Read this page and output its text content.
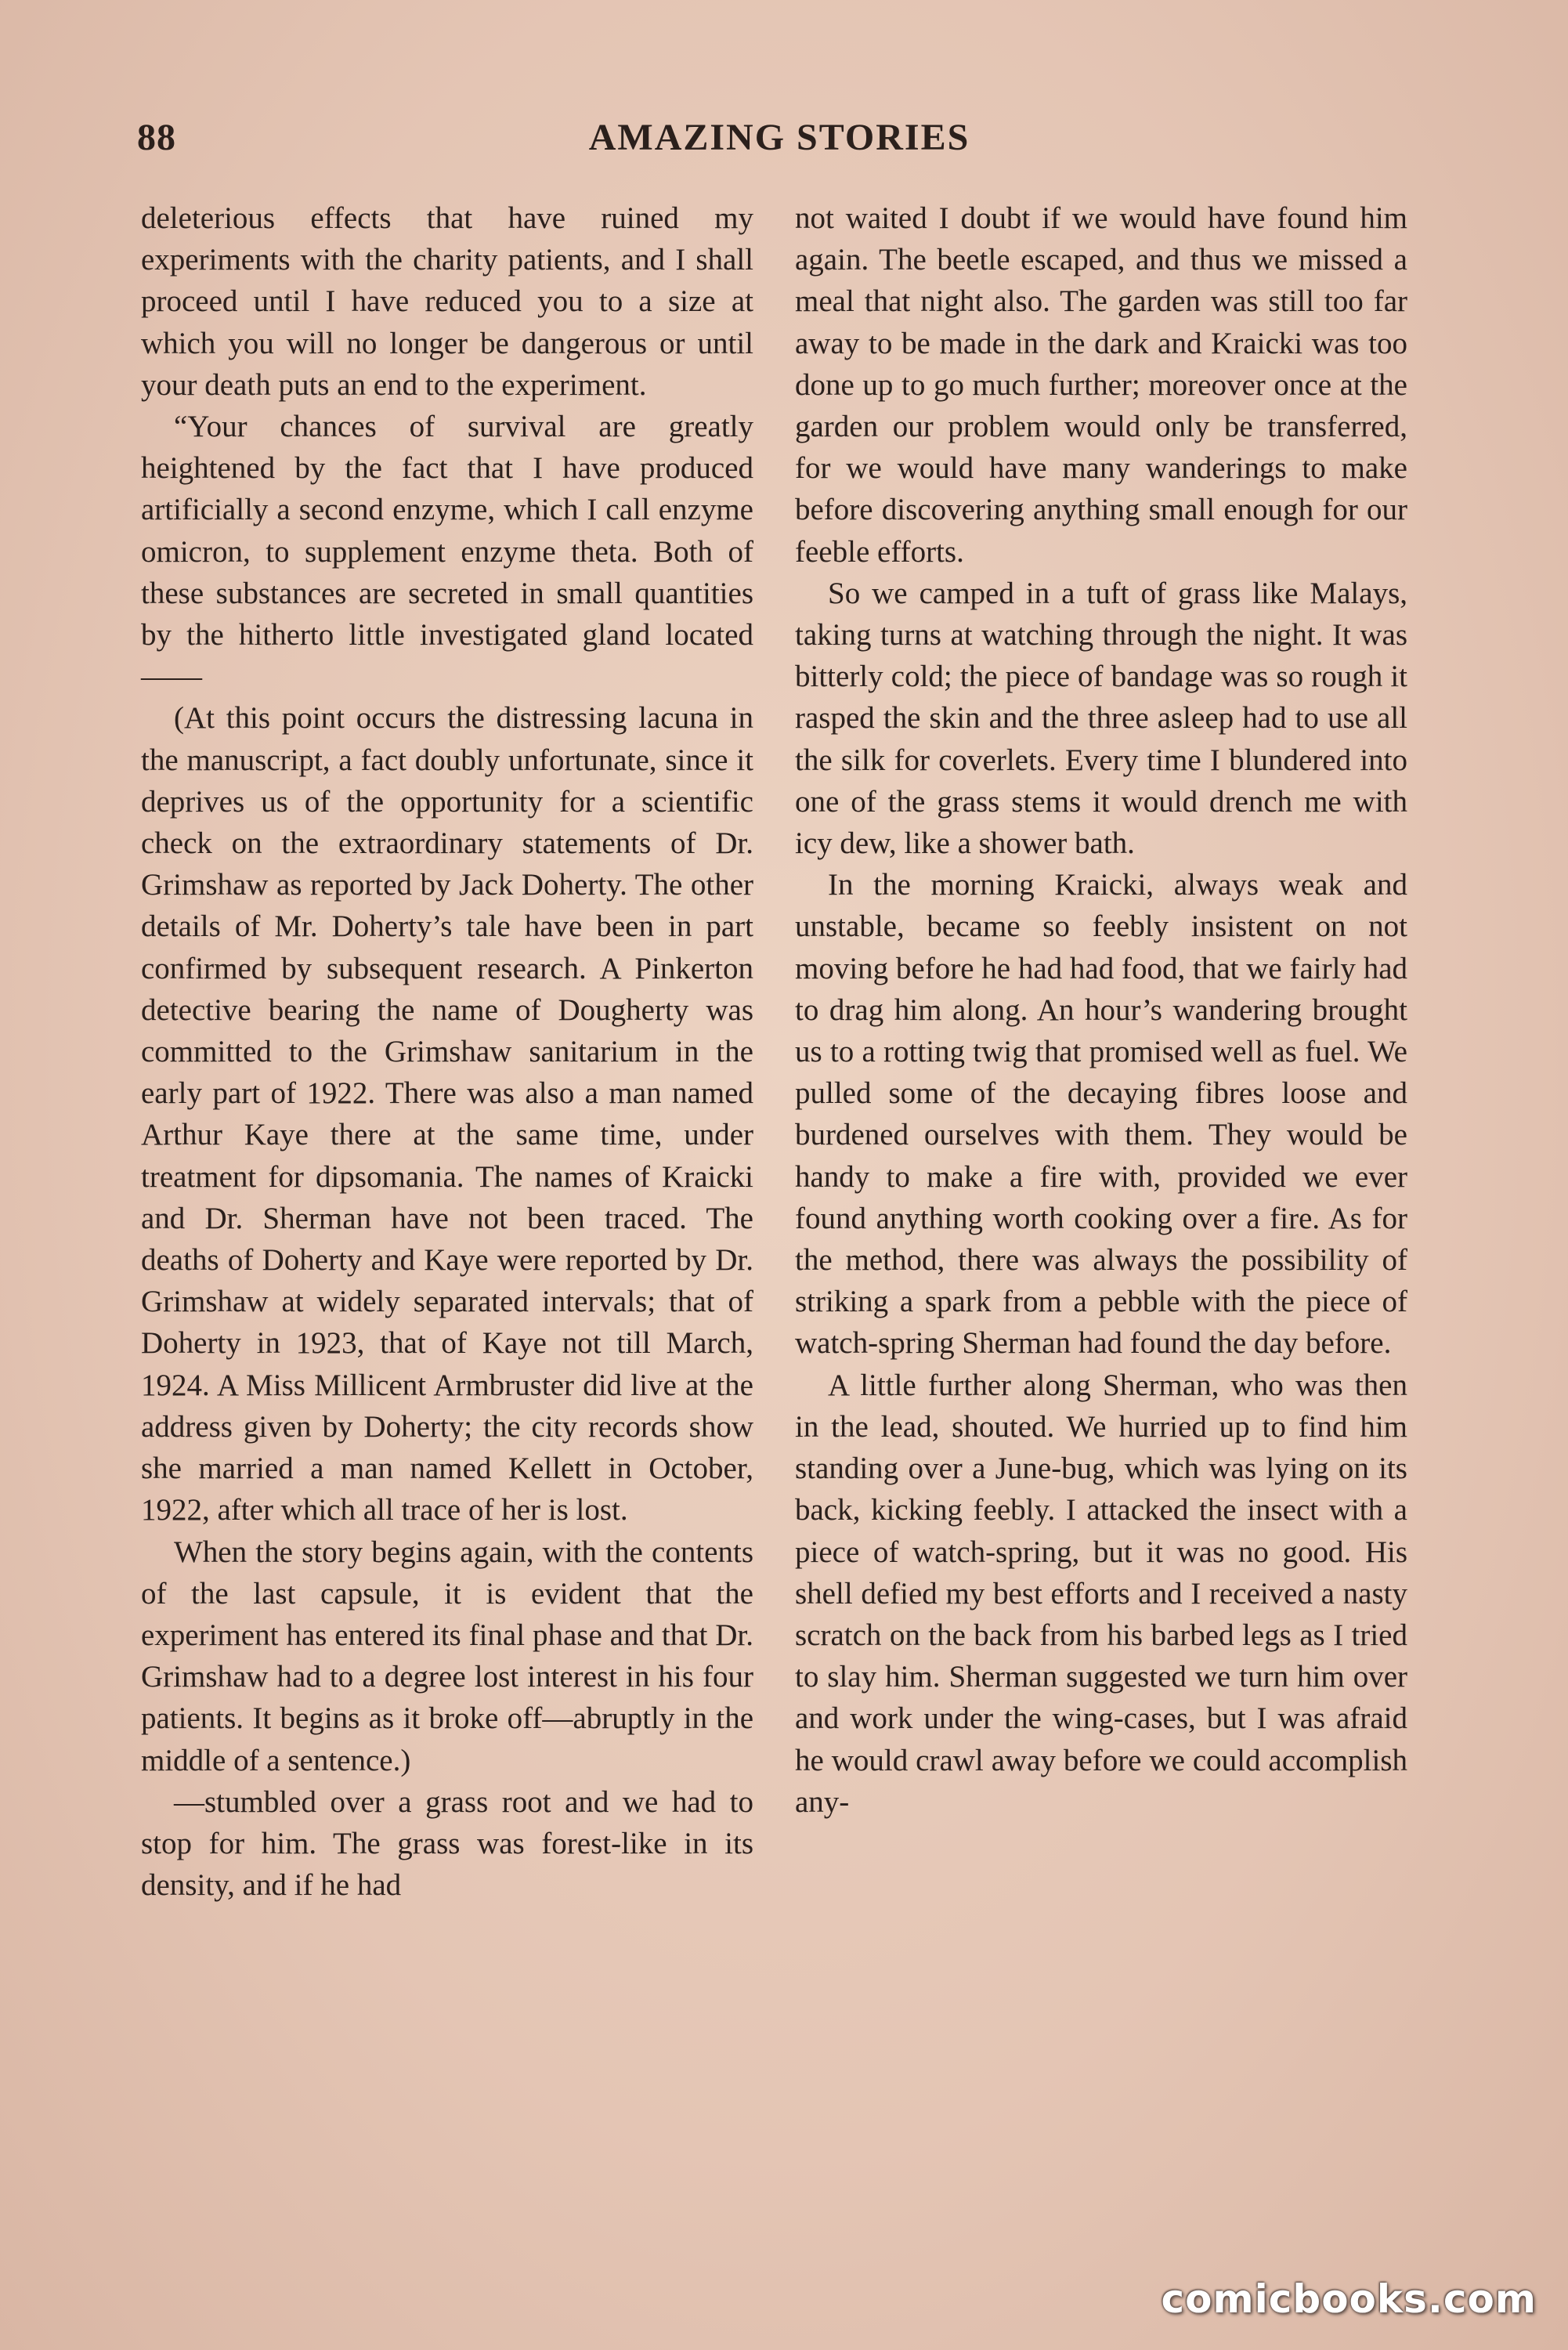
88	AMAZING STORIES

deleterious effects that have ruined my experiments with the charity patients, and I shall proceed until I have reduced you to a size at which you will no longer be dangerous or until your death puts an end to the experiment.

“Your chances of survival are greatly heightened by the fact that I have produced artificially a second enzyme, which I call enzyme omicron, to supplement enzyme theta. Both of these substances are secreted in small quantities by the hitherto little investigated gland located——

(At this point occurs the distressing lacuna in the manuscript, a fact doubly unfortunate, since it deprives us of the opportunity for a scientific check on the extraordinary statements of Dr. Grimshaw as reported by Jack Doherty. The other details of Mr. Doherty’s tale have been in part confirmed by subsequent research. A Pinkerton detective bearing the name of Dougherty was committed to the Grimshaw sanitarium in the early part of 1922. There was also a man named Arthur Kaye there at the same time, under treatment for dipsomania. The names of Kraicki and Dr. Sherman have not been traced. The deaths of Doherty and Kaye were reported by Dr. Grimshaw at widely separated intervals; that of Doherty in 1923, that of Kaye not till March, 1924. A Miss Millicent Armbruster did live at the address given by Doherty; the city records show she married a man named Kellett in October, 1922, after which all trace of her is lost.

When the story begins again, with the contents of the last capsule, it is evident that the experiment has entered its final phase and that Dr. Grimshaw had to a degree lost interest in his four patients. It begins as it broke off—abruptly in the middle of a sentence.)

—stumbled over a grass root and we had to stop for him. The grass was forest-like in its density, and if he had

not waited I doubt if we would have found him again. The beetle escaped, and thus we missed a meal that night also. The garden was still too far away to be made in the dark and Kraicki was too done up to go much further; moreover once at the garden our problem would only be transferred, for we would have many wanderings to make before discovering anything small enough for our feeble efforts.

So we camped in a tuft of grass like Malays, taking turns at watching through the night. It was bitterly cold; the piece of bandage was so rough it rasped the skin and the three asleep had to use all the silk for coverlets. Every time I blundered into one of the grass stems it would drench me with icy dew, like a shower bath.

In the morning Kraicki, always weak and unstable, became so feebly insistent on not moving before he had had food, that we fairly had to drag him along. An hour’s wandering brought us to a rotting twig that promised well as fuel. We pulled some of the decaying fibres loose and burdened ourselves with them. They would be handy to make a fire with, provided we ever found anything worth cooking over a fire. As for the method, there was always the possibility of striking a spark from a pebble with the piece of watch-spring Sherman had found the day before.

A little further along Sherman, who was then in the lead, shouted. We hurried up to find him standing over a June-bug, which was lying on its back, kicking feebly. I attacked the insect with a piece of watch-spring, but it was no good. His shell defied my best efforts and I received a nasty scratch on the back from his barbed legs as I tried to slay him. Sherman suggested we turn him over and work under the wing-cases, but I was afraid he would crawl away before we could accomplish any-

comicbooks.com
